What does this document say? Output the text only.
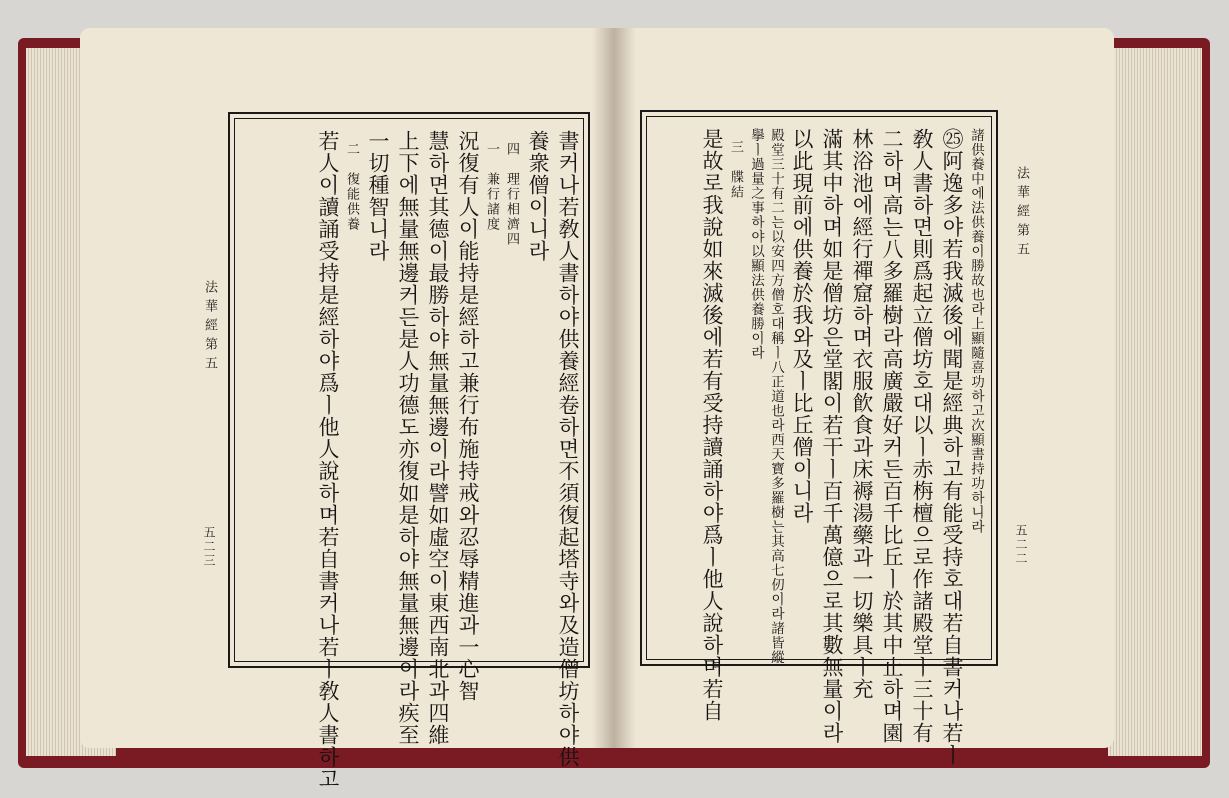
法華經第五
五二三
法華經第五
五二二
書커나若敎人書하야供養經卷하면不須復起塔寺와及造僧坊하야供
養衆僧이니라
四　理行相濟四
一　兼行諸度
況復有人이能持是經하고兼行布施持戒와忍辱精進과一心智
慧하면其德이最勝하야無量無邊이라譬如虛空이東西南北과四維
上下에無量無邊커든是人功德도亦復如是하야無量無邊이라疾至
一切種智니라
二　復能供養
若人이讀誦受持是經하야爲ㅣ他人說하며若自書커나若ㅣ敎人書하고	諸供養中에法供養이勝故也라上顯隨喜功하고次顯書持功하니라
㉕阿逸多야若我滅後에聞是經典하고有能受持호대若自書커나若ㅣ
敎人書하면則爲起立僧坊호대以ㅣ赤栴檀으로作諸殿堂ㅣ三十有
二하며高는八多羅樹라高廣嚴好커든百千比丘ㅣ於其中止하며園
林浴池에經行禪窟하며衣服飮食과床褥湯藥과一切樂具ㅣ充
滿其中하며如是僧坊은堂閣이若干ㅣ百千萬億으로其數無量이라
以此現前에供養於我와及ㅣ比丘僧이니라
殿堂三十有二는以安四方僧호대稱ㅣ八正道也라西天寶多羅樹는其高七仞이라諸皆縱
擧ㅣ過量之事하야以顯法供養勝이라
三　牒結
是故로我說如來滅後에若有受持讀誦하야爲ㅣ他人說하며若自
